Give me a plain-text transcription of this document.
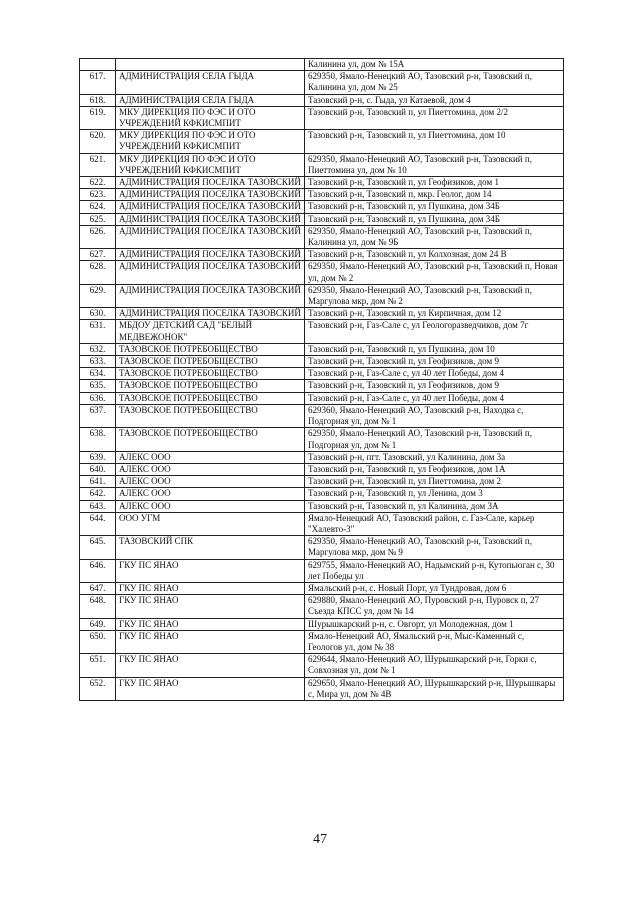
		Калинина ул, дом № 15А
617.	АДМИНИСТРАЦИЯ СЕЛА ГЫДА	629350, Ямало-Ненецкий АО, Тазовский р-н, Тазовский п, Калинина ул, дом № 25
618.	АДМИНИСТРАЦИЯ СЕЛА ГЫДА	Тазовский р-н, с. Гыда, ул Катаевой, дом 4
619.	МКУ ДИРЕКЦИЯ ПО ФЭС И ОТО УЧРЕЖДЕНИЙ КФКИСМПИТ	Тазовский р-н, Тазовский п, ул Пиеттомина, дом 2/2
620.	МКУ ДИРЕКЦИЯ ПО ФЭС И ОТО УЧРЕЖДЕНИЙ КФКИСМПИТ	Тазовский р-н, Тазовский п, ул Пиеттомина, дом 10
621.	МКУ ДИРЕКЦИЯ ПО ФЭС И ОТО УЧРЕЖДЕНИЙ КФКИСМПИТ	629350, Ямало-Ненецкий АО, Тазовский р-н, Тазовский п, Пиеттомина ул, дом № 10
622.	АДМИНИСТРАЦИЯ ПОСЕЛКА ТАЗОВСКИЙ	Тазовский р-н, Тазовский п, ул Геофизиков, дом 1
623.	АДМИНИСТРАЦИЯ ПОСЕЛКА ТАЗОВСКИЙ	Тазовский р-н, Тазовский п, мкр. Геолог, дом 14
624.	АДМИНИСТРАЦИЯ ПОСЕЛКА ТАЗОВСКИЙ	Тазовский р-н, Тазовский п, ул Пушкина, дом 34Б
625.	АДМИНИСТРАЦИЯ ПОСЕЛКА ТАЗОВСКИЙ	Тазовский р-н, Тазовский п, ул Пушкина, дом 34Б
626.	АДМИНИСТРАЦИЯ ПОСЕЛКА ТАЗОВСКИЙ	629350, Ямало-Ненецкий АО, Тазовский р-н, Тазовский п, Калинина ул, дом № 9Б
627.	АДМИНИСТРАЦИЯ ПОСЕЛКА ТАЗОВСКИЙ	Тазовский р-н, Тазовский п, ул Колхозная, дом 24 В
628.	АДМИНИСТРАЦИЯ ПОСЕЛКА ТАЗОВСКИЙ	629350, Ямало-Ненецкий АО, Тазовский р-н, Тазовский п, Новая ул, дом № 2
629.	АДМИНИСТРАЦИЯ ПОСЕЛКА ТАЗОВСКИЙ	629350, Ямало-Ненецкий АО, Тазовский р-н, Тазовский п, Маргулова мкр, дом № 2
630.	АДМИНИСТРАЦИЯ ПОСЕЛКА ТАЗОВСКИЙ	Тазовский р-н, Тазовский п, ул Кирпичная, дом 12
631.	МБДОУ ДЕТСКИЙ САД "БЕЛЫЙ МЕДВЕЖОНОК"	Тазовский р-н, Газ-Сале с, ул Геологоразведчиков, дом 7г
632.	ТАЗОВСКОЕ ПОТРЕБОБЩЕСТВО	Тазовский р-н, Тазовский п, ул Пушкина, дом 10
633.	ТАЗОВСКОЕ ПОТРЕБОБЩЕСТВО	Тазовский р-н, Тазовский п, ул Геофизиков, дом 9
634.	ТАЗОВСКОЕ ПОТРЕБОБЩЕСТВО	Тазовский р-н, Газ-Сале с, ул 40 лет Победы, дом 4
635.	ТАЗОВСКОЕ ПОТРЕБОБЩЕСТВО	Тазовский р-н, Тазовский п, ул Геофизиков, дом 9
636.	ТАЗОВСКОЕ ПОТРЕБОБЩЕСТВО	Тазовский р-н, Газ-Сале с, ул 40 лет Победы, дом 4
637.	ТАЗОВСКОЕ ПОТРЕБОБЩЕСТВО	629360, Ямало-Ненецкий АО, Тазовский р-н, Находка с, Подгорная ул, дом № 1
638.	ТАЗОВСКОЕ ПОТРЕБОБЩЕСТВО	629350, Ямало-Ненецкий АО, Тазовский р-н, Тазовский п, Подгорная ул, дом № 1
639.	АЛЕКС ООО	Тазовский р-н, пгт. Тазовский, ул Калинина, дом 3а
640.	АЛЕКС ООО	Тазовский р-н, Тазовский п, ул Геофизиков, дом 1А
641.	АЛЕКС ООО	Тазовский р-н, Тазовский п, ул Пиеттомина, дом 2
642.	АЛЕКС ООО	Тазовский р-н, Тазовский п, ул Ленина, дом 3
643.	АЛЕКС ООО	Тазовский р-н, Тазовский п, ул Калинина, дом 3А
644.	ООО УГМ	Ямало-Ненецкий АО, Тазовский район, с. Газ-Сале, карьер "Халевто-3"
645.	ТАЗОВСКИЙ СПК	629350, Ямало-Ненецкий АО, Тазовский р-н, Тазовский п, Маргулова мкр, дом № 9
646.	ГКУ ПС ЯНАО	629755, Ямало-Ненецкий АО, Надымский р-н, Кутопьюган с, 30 лет Победы ул
647.	ГКУ ПС ЯНАО	Ямальский р-н, с. Новый Порт, ул Тундровая, дом 6
648.	ГКУ ПС ЯНАО	629880, Ямало-Ненецкий АО, Пуровский р-н, Пуровск п, 27 Съезда КПСС ул, дом № 14
649.	ГКУ ПС ЯНАО	Шурышкарский р-н, с. Овгорт, ул Молодежная, дом 1
650.	ГКУ ПС ЯНАО	Ямало-Ненецкий АО, Ямальский р-н, Мыс-Каменный с, Геологов ул, дом № 38
651.	ГКУ ПС ЯНАО	629644, Ямало-Ненецкий АО, Шурышкарский р-н, Горки с, Совхозная ул, дом № 1
652.	ГКУ ПС ЯНАО	629650, Ямало-Ненецкий АО, Шурышкарский р-н, Шурышкары с, Мира ул, дом № 4В
47
